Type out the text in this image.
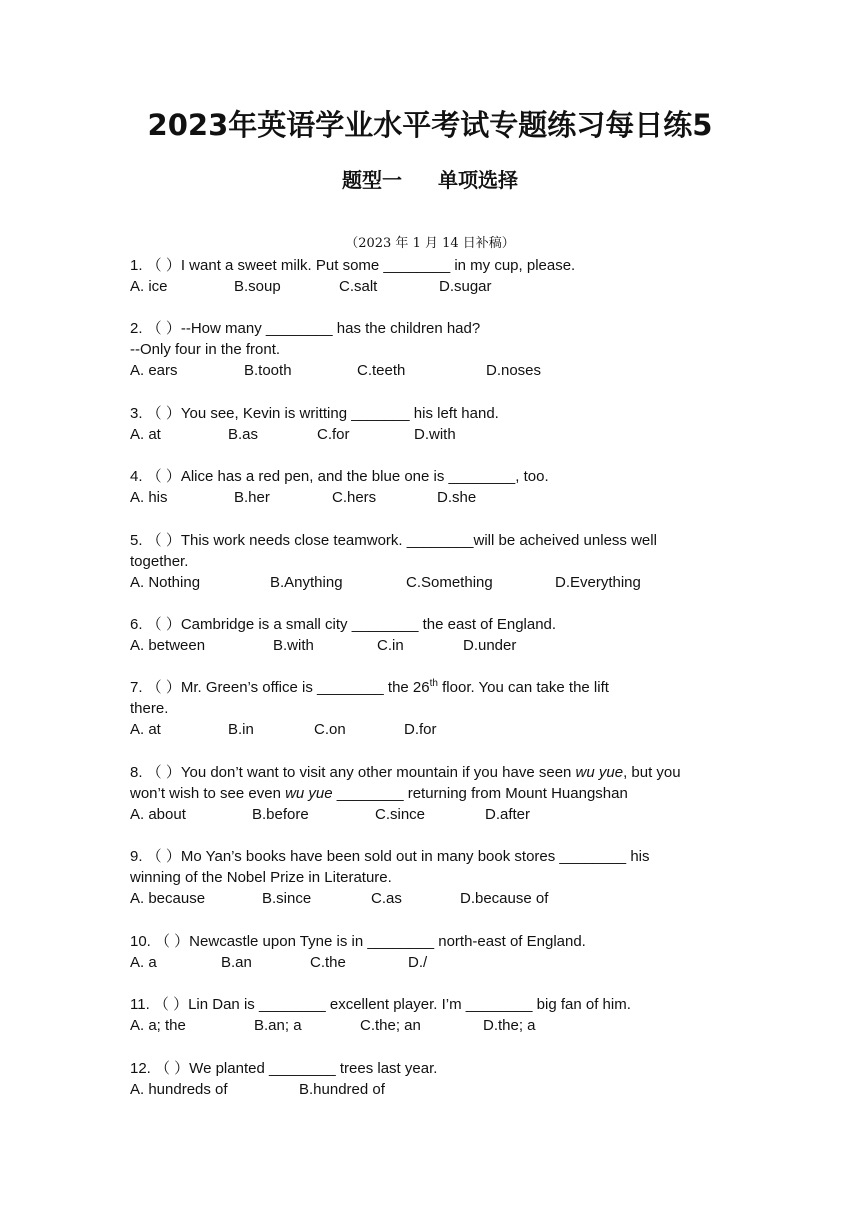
2023年英语学业水平考试专题练习每日练5
题型一 单项选择
（2023 年 1 月 14 日补稿）
1. （ ）I want a sweet milk. Put some ________ in my cup, please.
A. ice	B.soup	C.salt	D.sugar
2. （ ）--How many ________ has the children had?
--Only four in the front.
A. ears	B.tooth	C.teeth	D.noses
3. （ ）You see, Kevin is writting _______ his left hand.
A. at	B.as	C.for	D.with
4. （ ）Alice has a red pen, and the blue one is ________, too.
A. his	B.her	C.hers	D.she
5. （ ）This work needs close teamwork. ________will be acheived unless well
together.
A. Nothing	B.Anything	C.Something	D.Everything
6. （ ）Cambridge is a small city ________ the east of England.
A. between	B.with	C.in	D.under
7. （ ）Mr. Green’s office is ________ the 26th floor. You can take the lift
there.
A. at	B.in	C.on	D.for
8. （ ）You don’t want to visit any other mountain if you have seen wu yue, but you
won’t wish to see even wu yue ________ returning from Mount Huangshan
A. about	B.before	C.since	D.after
9. （ ）Mo Yan’s books have been sold out in many book stores ________ his
winning of the Nobel Prize in Literature.
A. because	B.since	C.as	D.because of
10. （ ）Newcastle upon Tyne is in ________ north-east of England.
A. a	B.an	C.the	D./
11. （ ）Lin Dan is ________ excellent player. I’m ________ big fan of him.
A. a; the	B.an; a	C.the; an	D.the; a
12. （ ）We planted ________ trees last year.
A. hundreds of	B.hundred of
